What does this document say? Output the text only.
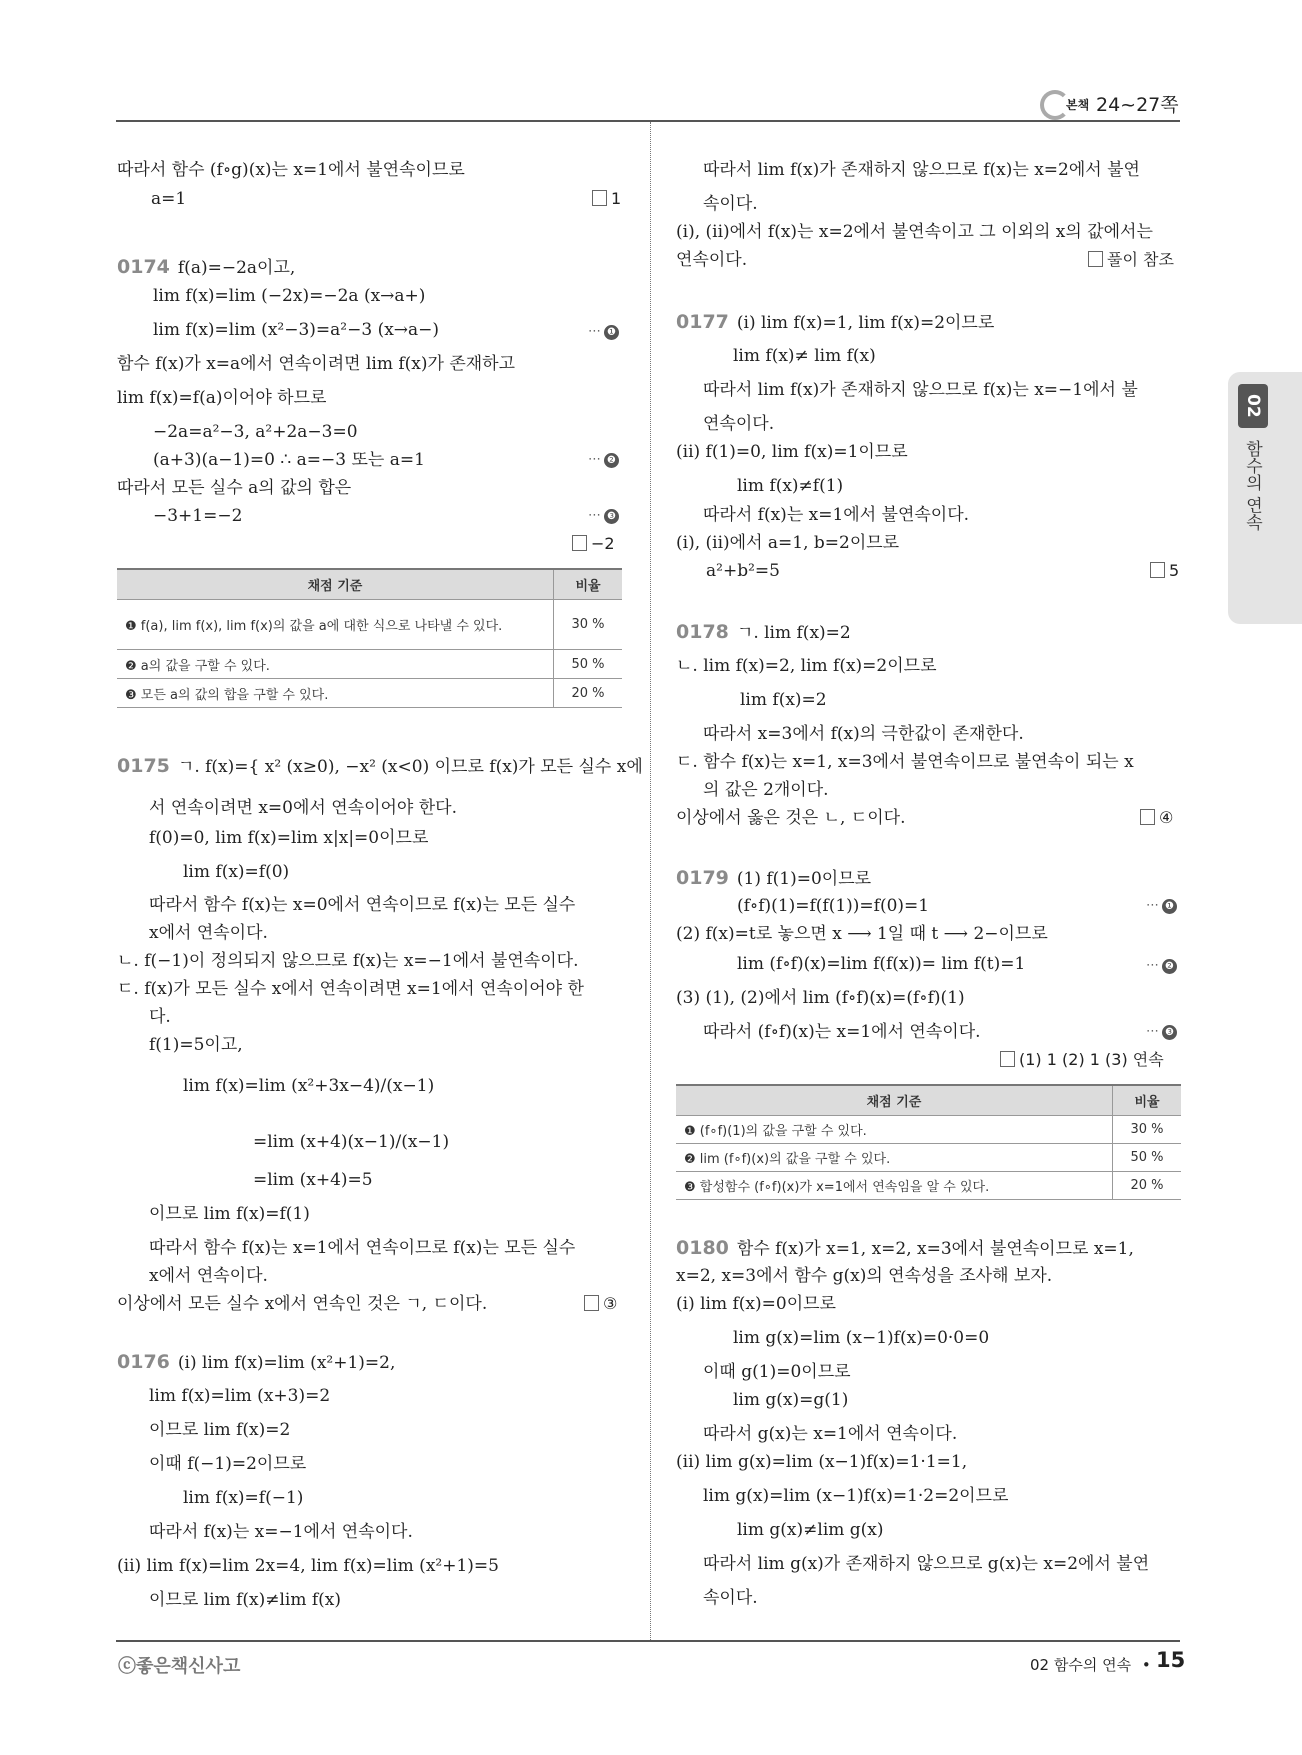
본책 24~27쪽
02
함수의 연속
따라서 함수 (f∘g)(x)는 x=1에서 불연속이므로
a=1	1
0174 f(a)=−2a이고,
lim f(x)=lim (−2x)=−2a (x→a+)
lim f(x)=lim (x²−3)=a²−3 (x→a−)	⋯ ❶
함수 f(x)가 x=a에서 연속이려면 lim f(x)가 존재하고
lim f(x)=f(a)이어야 하므로
−2a=a²−3, a²+2a−3=0
(a+3)(a−1)=0 ∴ a=−3 또는 a=1	⋯ ❷
따라서 모든 실수 a의 값의 합은
−3+1=−2	⋯ ❸
−2
채점 기준	비율
❶ f(a), lim f(x), lim f(x)의 값을 a에 대한 식으로 나타낼 수 있다.	30 %
❷ a의 값을 구할 수 있다.	50 %
❸ 모든 a의 값의 합을 구할 수 있다.	20 %
0175 ㄱ. f(x)={ x² (x≥0), −x² (x<0) 이므로 f(x)가 모든 실수 x에
서 연속이려면 x=0에서 연속이어야 한다.
f(0)=0, lim f(x)=lim x|x|=0이므로
lim f(x)=f(0)
따라서 함수 f(x)는 x=0에서 연속이므로 f(x)는 모든 실수
x에서 연속이다.
ㄴ. f(−1)이 정의되지 않으므로 f(x)는 x=−1에서 불연속이다.
ㄷ. f(x)가 모든 실수 x에서 연속이려면 x=1에서 연속이어야 한
다.
f(1)=5이고,
lim f(x)=lim (x²+3x−4)/(x−1)
=lim (x+4)(x−1)/(x−1)
=lim (x+4)=5
이므로 lim f(x)=f(1)
따라서 함수 f(x)는 x=1에서 연속이므로 f(x)는 모든 실수
x에서 연속이다.
이상에서 모든 실수 x에서 연속인 것은 ㄱ, ㄷ이다.	③
0176 (i) lim f(x)=lim (x²+1)=2,
lim f(x)=lim (x+3)=2
이므로 lim f(x)=2
이때 f(−1)=2이므로
lim f(x)=f(−1)
따라서 f(x)는 x=−1에서 연속이다.
(ii) lim f(x)=lim 2x=4, lim f(x)=lim (x²+1)=5
이므로 lim f(x)≠lim f(x)
따라서 lim f(x)가 존재하지 않으므로 f(x)는 x=2에서 불연
속이다.
(i), (ii)에서 f(x)는 x=2에서 불연속이고 그 이외의 x의 값에서는
연속이다.	풀이 참조
0177 (i) lim f(x)=1, lim f(x)=2이므로
lim f(x)≠ lim f(x)
따라서 lim f(x)가 존재하지 않으므로 f(x)는 x=−1에서 불
연속이다.
(ii) f(1)=0, lim f(x)=1이므로
lim f(x)≠f(1)
따라서 f(x)는 x=1에서 불연속이다.
(i), (ii)에서 a=1, b=2이므로
a²+b²=5	5
0178 ㄱ. lim f(x)=2
ㄴ. lim f(x)=2, lim f(x)=2이므로
lim f(x)=2
따라서 x=3에서 f(x)의 극한값이 존재한다.
ㄷ. 함수 f(x)는 x=1, x=3에서 불연속이므로 불연속이 되는 x
의 값은 2개이다.
이상에서 옳은 것은 ㄴ, ㄷ이다.	④
0179 (1) f(1)=0이므로
(f∘f)(1)=f(f(1))=f(0)=1	⋯ ❶
(2) f(x)=t로 놓으면 x ⟶ 1일 때 t ⟶ 2−이므로
lim (f∘f)(x)=lim f(f(x))= lim f(t)=1	⋯ ❷
(3) (1), (2)에서 lim (f∘f)(x)=(f∘f)(1)
따라서 (f∘f)(x)는 x=1에서 연속이다.	⋯ ❸
(1) 1 (2) 1 (3) 연속
채점 기준	비율
❶ (f∘f)(1)의 값을 구할 수 있다.	30 %
❷ lim (f∘f)(x)의 값을 구할 수 있다.	50 %
❸ 합성함수 (f∘f)(x)가 x=1에서 연속임을 알 수 있다.	20 %
0180 함수 f(x)가 x=1, x=2, x=3에서 불연속이므로 x=1,
x=2, x=3에서 함수 g(x)의 연속성을 조사해 보자.
(i) lim f(x)=0이므로
lim g(x)=lim (x−1)f(x)=0·0=0
이때 g(1)=0이므로
lim g(x)=g(1)
따라서 g(x)는 x=1에서 연속이다.
(ii) lim g(x)=lim (x−1)f(x)=1·1=1,
lim g(x)=lim (x−1)f(x)=1·2=2이므로
lim g(x)≠lim g(x)
따라서 lim g(x)가 존재하지 않으므로 g(x)는 x=2에서 불연
속이다.
ⓒ좋은책신사고	02 함수의 연속 • 15
